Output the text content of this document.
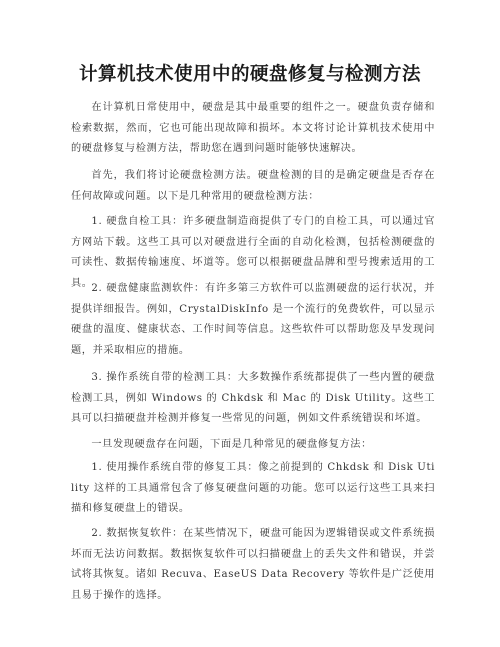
计算机技术使用中的硬盘修复与检测方法

在计算机日常使用中，硬盘是其中最重要的组件之一。硬盘负责存储和检索数据，然而，它也可能出现故障和损坏。本文将讨论计算机技术使用中的硬盘修复与检测方法，帮助您在遇到问题时能够快速解决。

首先，我们将讨论硬盘检测方法。硬盘检测的目的是确定硬盘是否存在任何故障或问题。以下是几种常用的硬盘检测方法：

1. 硬盘自检工具：许多硬盘制造商提供了专门的自检工具，可以通过官方网站下载。这些工具可以对硬盘进行全面的自动化检测，包括检测硬盘的可读性、数据传输速度、坏道等。您可以根据硬盘品牌和型号搜索适用的工具。

2. 硬盘健康监测软件：有许多第三方软件可以监测硬盘的运行状况，并提供详细报告。例如，CrystalDiskInfo 是一个流行的免费软件，可以显示硬盘的温度、健康状态、工作时间等信息。这些软件可以帮助您及早发现问题，并采取相应的措施。

3. 操作系统自带的检测工具：大多数操作系统都提供了一些内置的硬盘检测工具，例如 Windows 的 Chkdsk 和 Mac 的 Disk Utility。这些工具可以扫描硬盘并检测并修复一些常见的问题，例如文件系统错误和坏道。

一旦发现硬盘存在问题，下面是几种常见的硬盘修复方法：

1. 使用操作系统自带的修复工具：像之前提到的 Chkdsk 和 Disk Utility 这样的工具通常包含了修复硬盘问题的功能。您可以运行这些工具来扫描和修复硬盘上的错误。

2. 数据恢复软件：在某些情况下，硬盘可能因为逻辑错误或文件系统损坏而无法访问数据。数据恢复软件可以扫描硬盘上的丢失文件和错误，并尝试将其恢复。诸如 Recuva、EaseUS Data Recovery 等软件是广泛使用且易于操作的选择。
